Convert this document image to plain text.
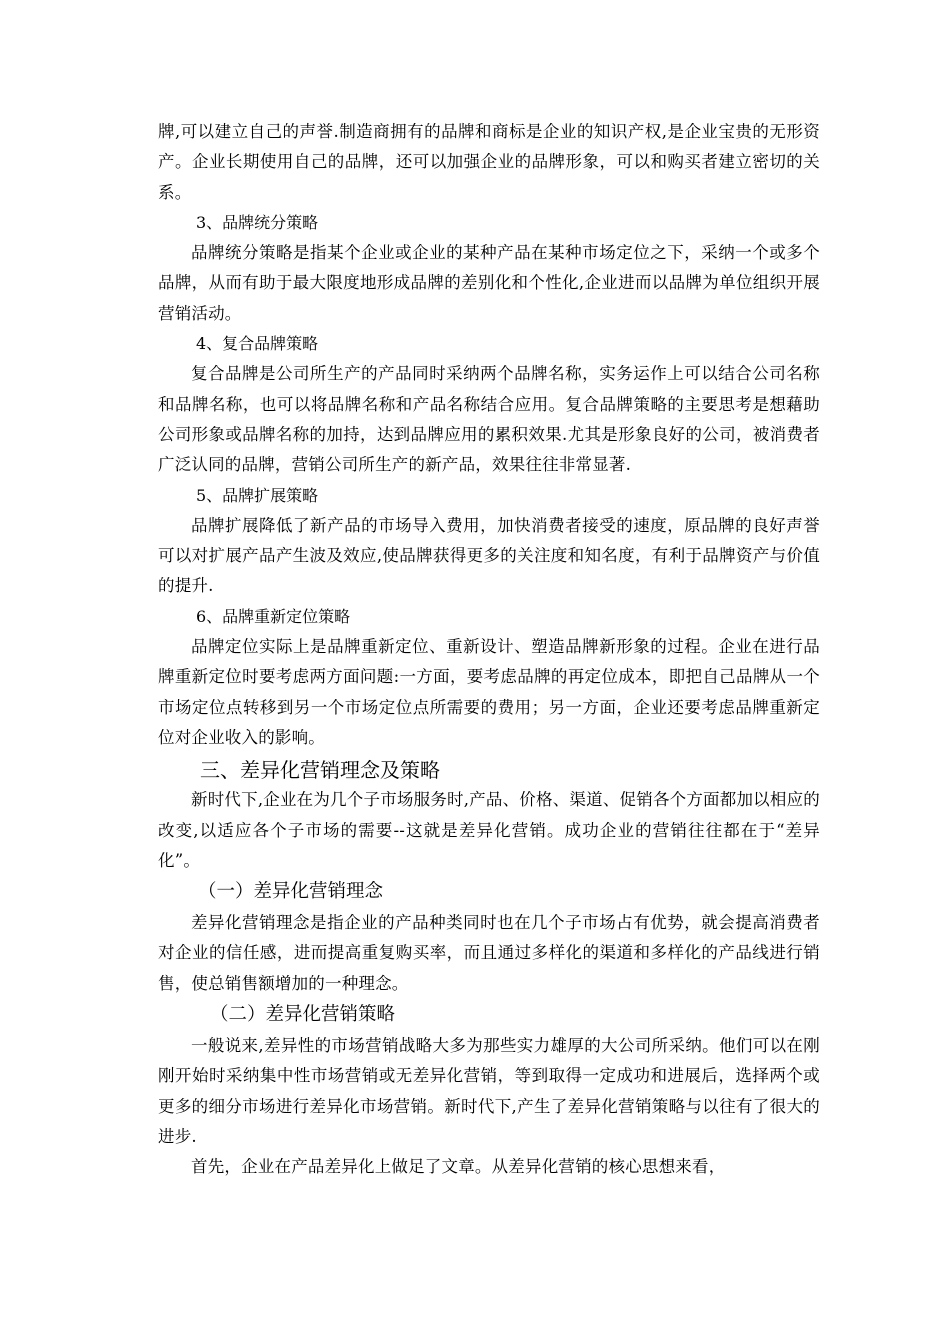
牌,可以建立自己的声誉.制造商拥有的品牌和商标是企业的知识产权,是企业宝贵的无形资产。企业长期使用自己的品牌，还可以加强企业的品牌形象，可以和购买者建立密切的关系。

3、品牌统分策略

品牌统分策略是指某个企业或企业的某种产品在某种市场定位之下，采纳一个或多个品牌，从而有助于最大限度地形成品牌的差别化和个性化,企业进而以品牌为单位组织开展营销活动。

4、复合品牌策略

复合品牌是公司所生产的产品同时采纳两个品牌名称，实务运作上可以结合公司名称和品牌名称，也可以将品牌名称和产品名称结合应用。复合品牌策略的主要思考是想藉助公司形象或品牌名称的加持，达到品牌应用的累积效果.尤其是形象良好的公司，被消费者广泛认同的品牌，营销公司所生产的新产品，效果往往非常显著.

5、品牌扩展策略

品牌扩展降低了新产品的市场导入费用，加快消费者接受的速度，原品牌的良好声誉可以对扩展产品产生波及效应,使品牌获得更多的关注度和知名度，有利于品牌资产与价值的提升.

6、品牌重新定位策略

品牌定位实际上是品牌重新定位、重新设计、塑造品牌新形象的过程。企业在进行品牌重新定位时要考虑两方面问题:一方面，要考虑品牌的再定位成本，即把自己品牌从一个市场定位点转移到另一个市场定位点所需要的费用；另一方面，企业还要考虑品牌重新定位对企业收入的影响。

三、差异化营销理念及策略

新时代下,企业在为几个子市场服务时,产品、价格、渠道、促销各个方面都加以相应的改变,以适应各个子市场的需要--这就是差异化营销。成功企业的营销往往都在于“差异化”。

（一）差异化营销理念

差异化营销理念是指企业的产品种类同时也在几个子市场占有优势，就会提高消费者对企业的信任感，进而提高重复购买率，而且通过多样化的渠道和多样化的产品线进行销售，使总销售额增加的一种理念。

（二）差异化营销策略

一般说来,差异性的市场营销战略大多为那些实力雄厚的大公司所采纳。他们可以在刚刚开始时采纳集中性市场营销或无差异化营销，等到取得一定成功和进展后，选择两个或更多的细分市场进行差异化市场营销。新时代下,产生了差异化营销策略与以往有了很大的进步.

首先，企业在产品差异化上做足了文章。从差异化营销的核心思想来看，
